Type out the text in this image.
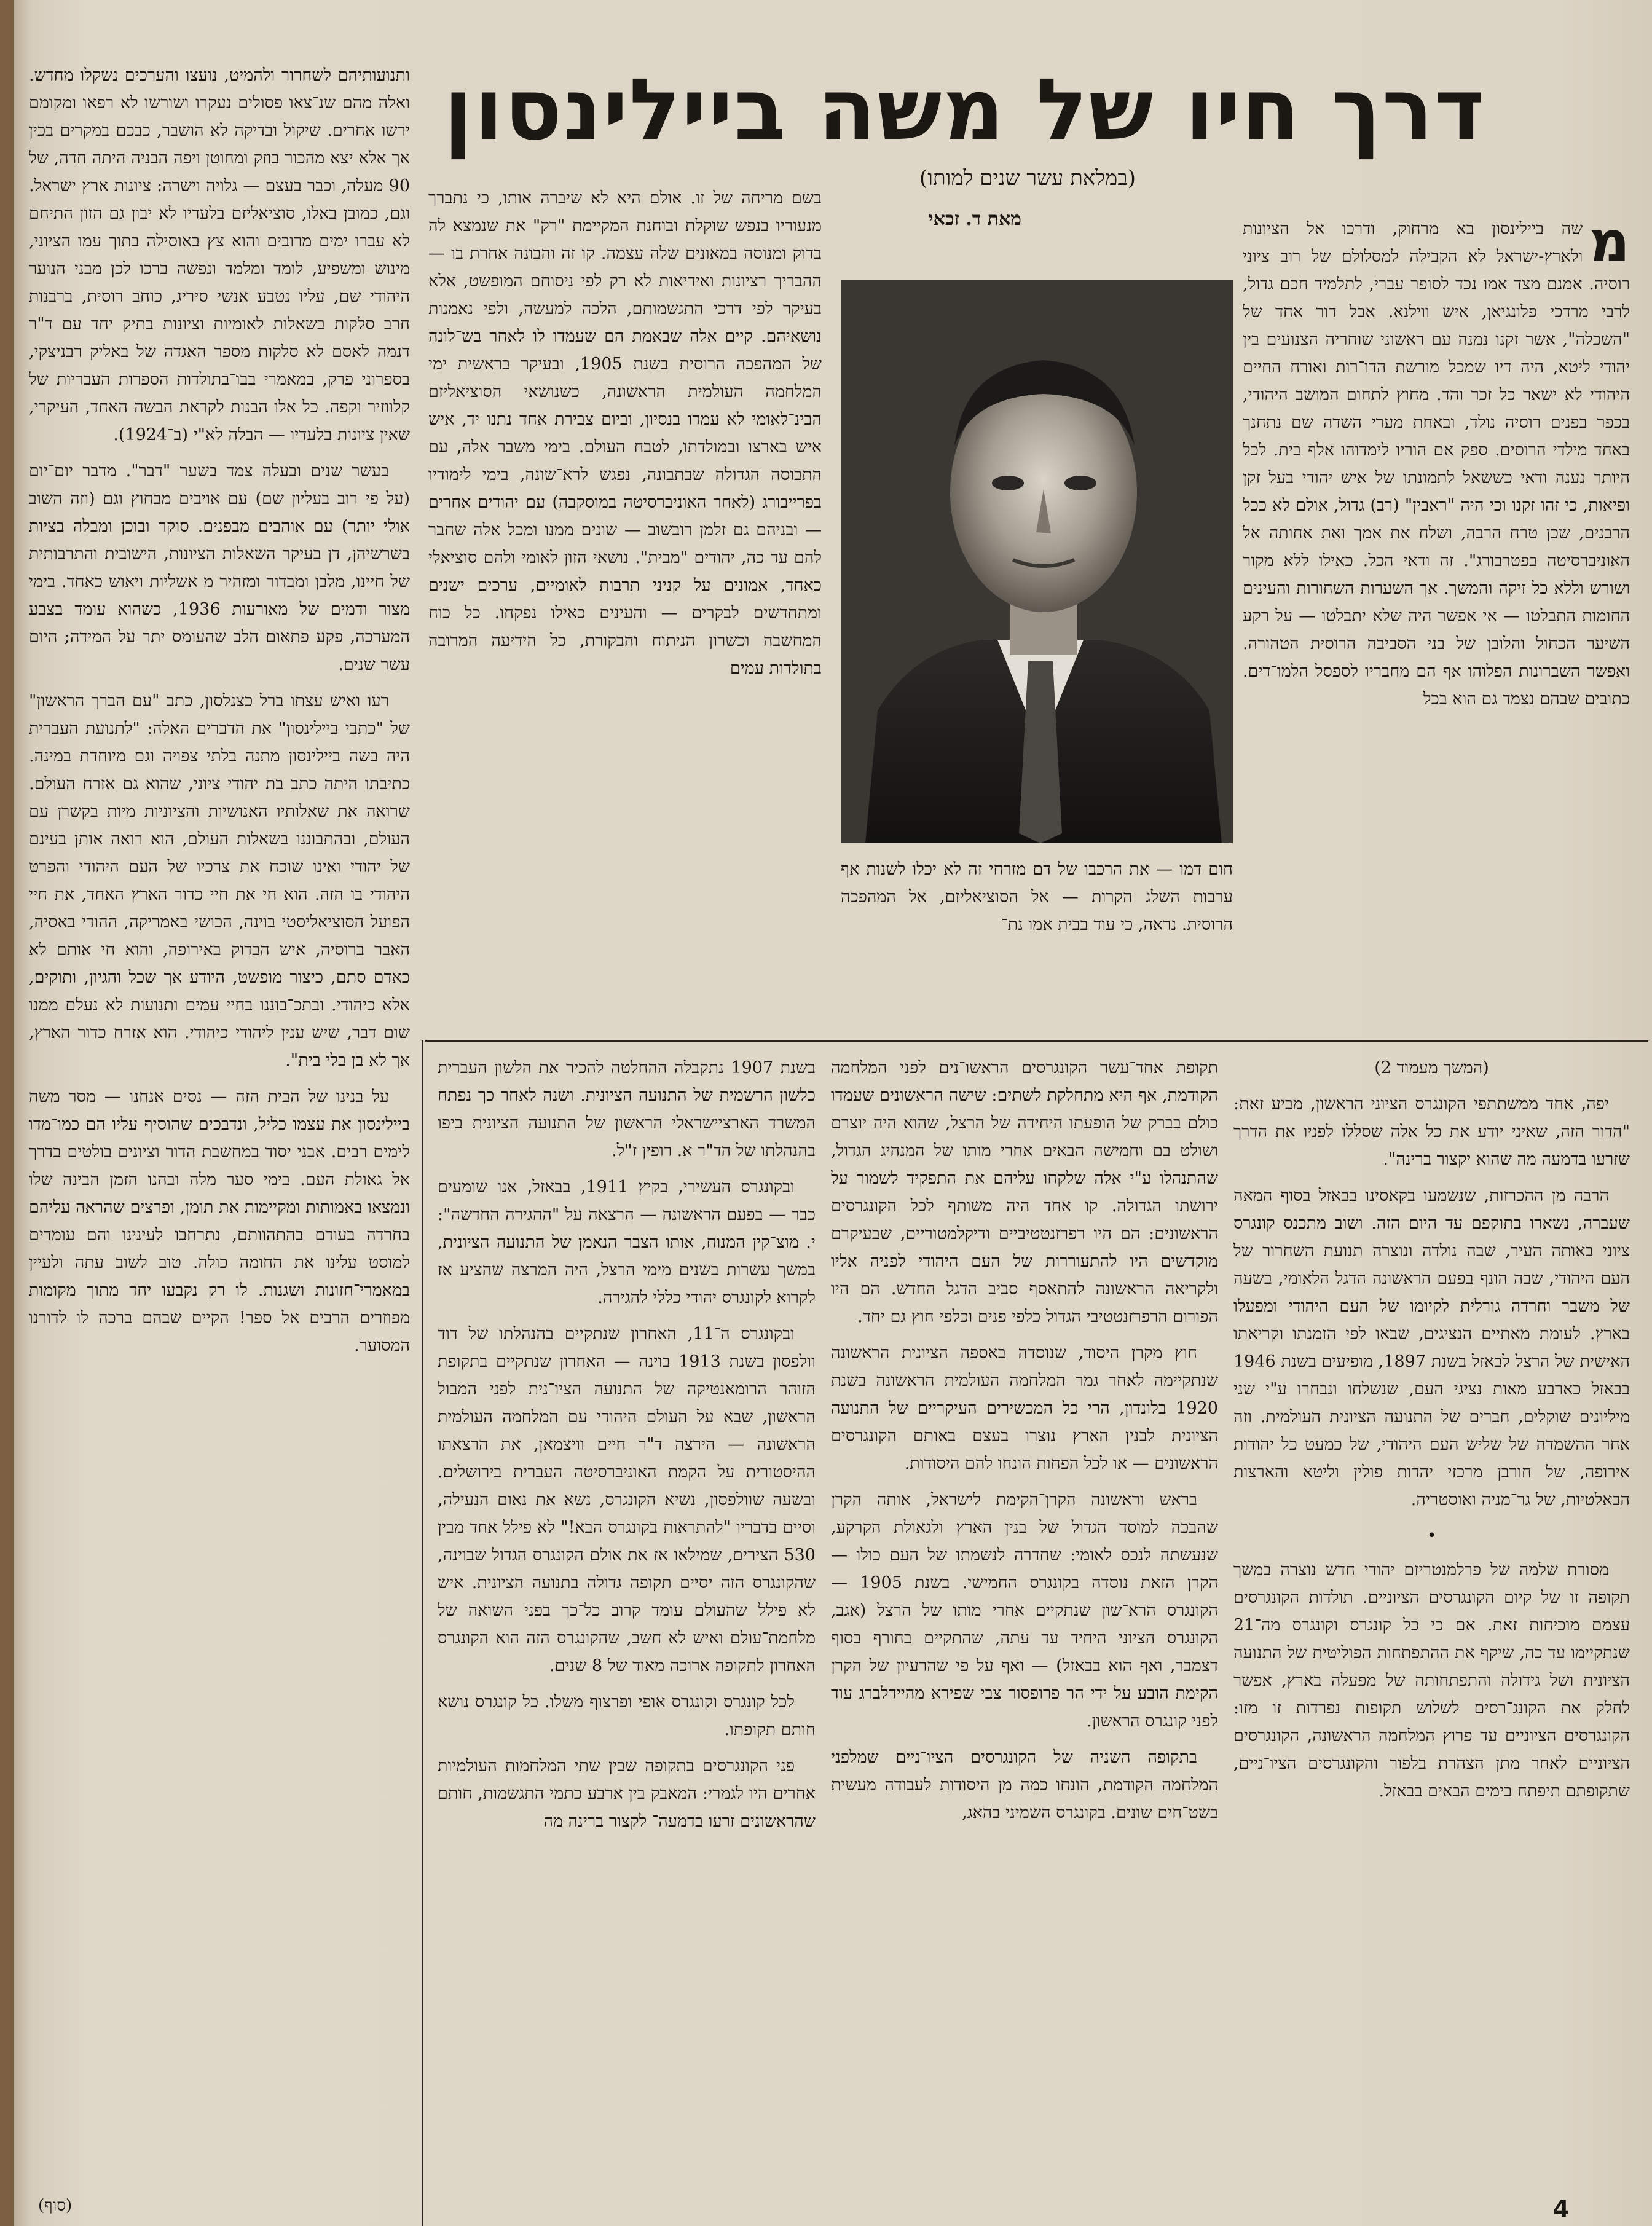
דרך חיו של משה ביילינסון
(במלאת עשר שנים למותו)
מאת ד. זכאי	מ
שה ביילינסון בא מרחוק, ודרכו אל הציונות ולארץ-ישראל לא הקבילה למסלולם של רוב ציוני רוסיה. אמנם מצד אמו נכד לסופר עברי, לתלמיד חכם גדול, לרבי מרדכי פלונגיאן, איש ווילנא. אבל דור אחד של "השכלה", אשר זקנו נמנה עם ראשוני שוחריה הצנועים בין יהודי ליטא, היה דיו שמכל מורשת הדו־רות ואורח החיים היהודי לא ישאר כל זכר והד. מחוץ לתחום המושב היהודי, בכפר בפנים רוסיה נולד, ובאחת מערי השדה שם נתחנך באחד מילדי הרוסים. ספק אם הוריו לימדוהו אלף בית. לכל היותר נענה ודאי כששאל לתמונתו של איש יהודי בעל זקן ופיאות, כי זהו זקנו וכי היה "ראבין" (רב) גדול, אולם לא ככל הרבנים, שכן טרח הרבה, ושלח את אמך ואת אחותה אל האוניברסיטה בפטרבורג". זה ודאי הכל. כאילו ללא מקור ושורש וללא כל זיקה והמשך. אך השערות השחורות והעינים החומות התבלטו — אי אפשר היה שלא יתבלטו — על רקע השיער הכחול והלובן של בני הסביבה הרוסית הטהורה. ואפשר השברונות הפלוהו אף הם מחבריו לספסל הלמו־דים. כתובים שבהם נצמד גם הוא בכל

חום דמו — את הרכבו של דם מזרחי זה לא יכלו לשנות אף ערבות השלג הקרות — אל הסוציאליזם, אל המהפכה הרוסית. נראה, כי עוד בבית אמו נת־

בשם מריחה של זו. אולם היא לא שיברה אותו, כי נתברך מנעוריו בנפש שוקלת ובוחנת המקיימת "רק" את שנמצא לה בדוק ומנוסה במאונים שלה עצמה. קו זה והבונה אחרת בו — ההבריך רציונות ואידיאות לא רק לפי ניסוחם המופשט, אלא בעיקר לפי דרכי התגשמותם, הלכה למעשה, ולפי נאמנות נושאיהם. קיים אלה שבאמת הם שעמדו לו לאחר בש־לונה של המהפכה הרוסית בשנת 1905, ובעיקר בראשית ימי המלחמה העולמית הראשונה, כשנושאי הסוציאליזם הבינ־לאומי לא עמדו בנסיון, וביום צבירת אחד נתנו יד, איש איש בארצו ובמולדתו, לטבח העולם. בימי משבר אלה, עם התבוסה הגדולה שבתבונה, נפגש לרא־שונה, בימי לימודיו בפרייבורג (לאחר האוניברסיטה במוסקבה) עם יהודים אחרים — ובניהם גם זלמן רובשוב — שונים ממנו ומכל אלה שחבר להם עד כה, יהודים "מבית". נושאי הזון לאומי ולהם סוציאלי כאחד, אמונים על קניני תרבות לאומיים, ערכים ישנים ומתחדשים לבקרים — והעינים כאילו נפקחו. כל כוח המחשבה וכשרון הניתוח והבקורת, כל הידיעה המרובה בתולדות עמים

ותנועותיהם לשחרור ולהמיט, נועצו והערכים נשקלו מחדש. ואלה מהם שנ־צאו פסולים נעקרו ושורשו לא רפאו ומקומם ירשו אחרים. שיקול ובדיקה לא הושבר, כבכם במקרים בכין אך אלא יצא מהכור בוזק ומחוטן ויפה הבניה היתה חדה, של 90 מעלה, וכבר בעצם — גלויה וישרה: ציונות ארץ ישראל. וגם, כמובן באלו, סוציאליזם בלעדיו לא יבון גם הזון התיחם לא עברו ימים מרובים והוא צץ באוסילה בתוך עמו הציוני, מינוש ומשפיע, לומד ומלמד ונפשה ברכו לכן מבני הנוער היהודי שם, עליו נטבע אנשי סיריג, כוחב רוסית, ברבנות חרב סלקות בשאלות לאומיות וציונות בתיק יחד עם ד"ר דנמה לאסם לא סלקות מספר האגדה של באליק רבניצקי, בספרוני פרק, במאמרי בבו־בתולדות הספרות העבריות של קלווזיר וקפה. כל אלו הבנות לקראת הבשה האחד, העיקרי, שאין ציונות בלעדיו — הבלה לא"י (ב־1924).

בעשר שנים ובעלה צמד בשער "דבר". מדבר יום־יום (על פי רוב בעליון שם) עם אויבים מבחוץ וגם (וזה השוב אולי יותר) עם אוהבים מבפנים. סוקר ובוכן ומבלה בציות בשרשיהן, דן בעיקר השאלות הציונות, הישובית והתרבותית של חיינו, מלבן ומבדור ומזהיר מ אשליות ויאוש כאחד. בימי מצור ודמים של מאורעות 1936, כשהוא עומד בצבע המערכה, פקע פתאום הלב שהעומס יתר על המידה; היום עשר שנים.

רעו ואיש עצתו ברל כצנלסון, כתב "עם הברך הראשון" של "כתבי ביילינסון" את הדברים האלה: "לתנועת העברית היה בשה ביילינסון מתנה בלתי צפויה וגם מיוחדת במינה. כתיבתו היתה כתב בת יהודי ציוני, שהוא גם אזרח העולם. שרואה את שאלותיו האנושיות והציוניות מיות בקשרן עם העולם, ובהתבוננו בשאלות העולם, הוא רואה אותן בעינם של יהודי ואינו שוכח את צרכיו של העם היהודי והפרט היהודי בו הזה. הוא חי את חיי כדור הארץ האחד, את חיי הפועל הסוציאליסטי בוינה, הכושי באמריקה, ההודי באסיה, האבר ברוסיה, איש הבדוק באירופה, והוא חי אותם לא כאדם סתם, כיצור מופשט, היודע אך שכל והגיון, ותוקים, אלא כיהודי. ובתכ־בוננו בחיי עמים ותנועות לא נעלם ממנו שום דבר, שיש ענין ליהודי כיהודי. הוא אזרח כדור הארץ, אך לא בן בלי בית".

על בנינו של הבית הזה — נסים אנחנו — מסר משה ביילינסון את עצמו כליל, ונדבכים שהוסיף עליו הם כמו־מדו לימים רבים. אבני יסוד במחשבת הדור וציונים בולטים בדרך אל גאולת העם. בימי סער מלה ובהנו הזמן הבינה שלו ונמצאו באמותות ומקיימות את תומן, ופרצים שהראה עליהם בחרדה בעודם בהתהוותם, נתרחבו לעינינו והם עומדים למוסט עלינו את החומה כולה. טוב לשוב עתה ולעיין במאמרי־חזונות ושגנות. לו רק נקבעו יחד מתוך מקומות מפוזרים הרבים אל ספר! הקיים שבהם ברכה לו לדורנו המסוער.

(המשך מעמוד 2)

יפה, אחד ממשתתפי הקונגרס הציוני הראשון, מביע זאת: "הדור הזה, שאיני יודע את כל אלה שסללו לפניו את הדרך שזרעו בדמעה מה שהוא יקצור ברינה".

הרבה מן ההכרזות, שנשמעו בקאסינו בבאזל בסוף המאה שעברה, נשארו בתוקפם עד היום הזה. ושוב מתכנס קונגרס ציוני באותה העיר, שבה נולדה ונוצרה תנועת השחרור של העם היהודי, שבה הונף בפעם הראשונה הדגל הלאומי, בשעה של משבר וחרדה גורלית לקיומו של העם היהודי ומפעלו בארץ. לעומת מאתיים הנציגים, שבאו לפי הזמנתו וקריאתו האישית של הרצל לבאזל בשנת 1897, מופיעים בשנת 1946 בבאזל כארבע מאות נציגי העם, שנשלחו ונבחרו ע"י שני מיליונים שוקלים, חברים של התנועה הציונית העולמית. וזה אחר ההשמדה של שליש העם היהודי, של כמעט כל יהודות אירופה, של חורבן מרכזי יהדות פולין וליטא והארצות הבאלטיות, של גר־מניה ואוסטריה.

•

מסורת שלמה של פרלמנטריזם יהודי חדש נוצרה במשך תקופה זו של קיום הקונגרסים הציוניים. תולדות הקונגרסים עצמם מוכיחות זאת. אם כי כל קונגרס וקונגרס מה־21 שנתקיימו עד כה, שיקף את ההתפתחות הפוליטית של התנועה הציונית ושל גידולה והתפתחותה של מפעלה בארץ, אפשר לחלק את הקונג־רסים לשלוש תקופות נפרדות זו מזו: הקונגרסים הציוניים עד פרוץ המלחמה הראשונה, הקונגרסים הציוניים לאחר מתן הצהרת בלפור והקונגרסים הציו־ניים, שתקופתם תיפתח בימים הבאים בבאזל.

תקופת אחד־עשר הקונגרסים הראשו־נים לפני המלחמה הקודמת, אף היא מתחלקת לשתים: שישה הראשונים שעמדו כולם בברק של הופעתו היחידה של הרצל, שהוא היה יוצרם ושולט בם וחמישה הבאים אחרי מותו של המנהיג הגדול, שהתנהלו ע"י אלה שלקחו עליהם את התפקיד לשמור על ירושתו הגדולה. קו אחד היה משותף לכל הקונגרסים הראשונים: הם היו רפרזנטטיביים ודיקלמטוריים, שבעיקרם מוקדשים היו להתעוררות של העם היהודי לפניה אליו ולקריאה הראשונה להתאסף סביב הדגל החדש. הם היו הפורום הרפרזנטטיבי הגדול כלפי פנים וכלפי חוץ גם יחד.

חוץ מקרן היסוד, שנוסדה באספה הציונית הראשונה שנתקיימה לאחר גמר המלחמה העולמית הראשונה בשנת 1920 בלונדון, הרי כל המכשירים העיקריים של התנועה הציונית לבנין הארץ נוצרו בעצם באותם הקונגרסים הראשונים — או לכל הפחות הונחו להם היסודות.

בראש וראשונה הקרן־הקימת לישראל, אותה הקרן שהבכה למוסד הגדול של בנין הארץ ולגאולת הקרקע, שנעשתה לנכס לאומי: שחדרה לנשמתו של העם כולו — הקרן הזאת נוסדה בקונגרס החמישי. בשנת 1905 — הקונגרס הרא־שון שנתקיים אחרי מותו של הרצל (אגב, הקונגרס הציוני היחיד עד עתה, שהתקיים בחורף בסוף דצמבר, ואף הוא בבאזל) — ואף על פי שהרעיון של הקרן הקימת הובע על ידי הר פרופסור צבי שפירא מהיידלברג עוד לפני קונגרס הראשון.

בתקופה השניה של הקונגרסים הציו־ניים שמלפני המלחמה הקודמת, הונחו כמה מן היסודות לעבודה מעשית בשט־חים שונים. בקונגרס השמיני בהאג,

בשנת 1907 נתקבלה ההחלטה להכיר את הלשון העברית כלשון הרשמית של התנועה הציונית. ושנה לאחר כך נפתח המשרד הארציישראלי הראשון של התנועה הציונית ביפו בהנהלתו של הד"ר א. רופין ז"ל.

ובקונגרס העשירי, בקיץ 1911, בבאזל, אנו שומעים כבר — בפעם הראשונה — הרצאה על "ההגירה החדשה": י. מוצ־קין המנוח, אותו הצבר הנאמן של התנועה הציונית, במשך עשרות בשנים מימי הרצל, היה המרצה שהציע אז לקרוא לקונגרס יהודי כללי להגירה.

ובקונגרס ה־11, האחרון שנתקיים בהנהלתו של דוד וולפסון בשנת 1913 בוינה — האחרון שנתקיים בתקופת הזוהר הרומאנטיקה של התנועה הציו־נית לפני המבול הראשון, שבא על העולם היהודי עם המלחמה העולמית הראשונה — הירצה ד"ר חיים וויצמאן, את הרצאתו ההיסטורית על הקמת האוניברסיטה העברית בירושלים. ובשעה שוולפסון, נשיא הקונגרס, נשא את נאום הנעילה, וסיים בדבריו "להתראות בקונגרס הבא!" לא פילל אחד מבין 530 הצירים, שמילאו אז את אולם הקונגרס הגדול שבוינה, שהקונגרס הזה יסיים תקופה גדולה בתנועה הציונית. איש לא פילל שהעולם עומד קרוב כל־כך בפני השואה של מלחמת־עולם ואיש לא חשב, שהקונגרס הזה הוא הקונגרס האחרון לתקופה ארוכה מאוד של 8 שנים.

לכל קונגרס וקונגרס אופי ופרצוף משלו. כל קונגרס נושא חותם תקופתו.

פני הקונגרסים בתקופה שבין שתי המלחמות העולמיות אחרים היו לגמרי: המאבק בין ארבע כתמי התגשמות, חותם שהראשונים זרעו בדמעה־ לקצור ברינה מה

4
(סוף)
